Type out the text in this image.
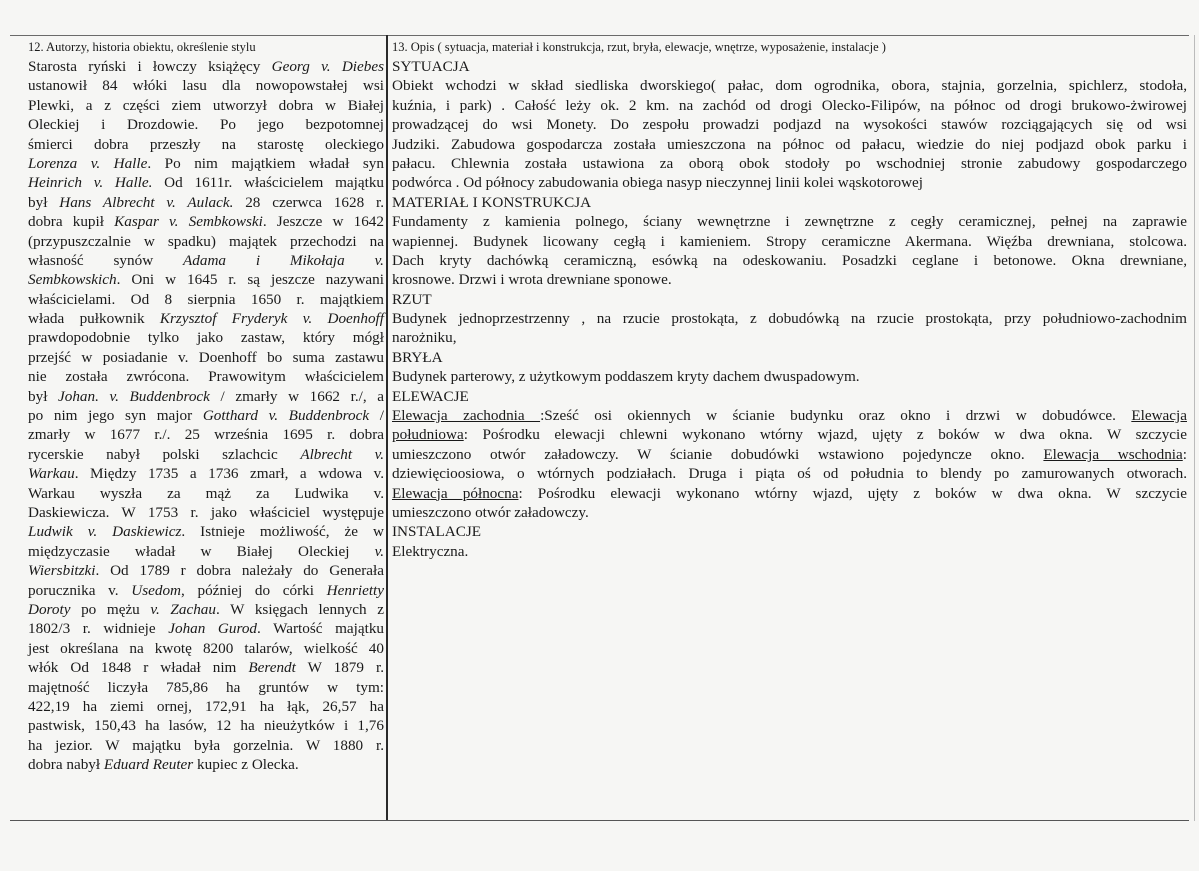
12. Autorzy, historia obiektu, określenie stylu
Starosta ryński i łowczy książęcy Georg v. Diebes
ustanowił 84 włóki lasu dla nowopowstałej wsi
Plewki, a z części ziem utworzył dobra w Białej
Oleckiej i Drozdowie. Po jego bezpotomnej
śmierci dobra przeszły na starostę oleckiego
Lorenza v. Halle. Po nim majątkiem władał syn
Heinrich v. Halle. Od 1611r. właścicielem majątku
był Hans Albrecht v. Aulack. 28 czerwca 1628 r.
dobra kupił Kaspar v. Sembkowski. Jeszcze w 1642
(przypuszczalnie w spadku) majątek przechodzi na
własność synów Adama i Mikołaja v.
Sembkowskich. Oni w 1645 r. są jeszcze nazywani
właścicielami. Od 8 sierpnia 1650 r. majątkiem
włada pułkownik Krzysztof Fryderyk v. Doenhoff
prawdopodobnie tylko jako zastaw, który mógł
przejść w posiadanie v. Doenhoff bo suma zastawu
nie została zwrócona. Prawowitym właścicielem
był Johan. v. Buddenbrock / zmarły w 1662 r./, a
po nim jego syn major Gotthard v. Buddenbrock /
zmarły w 1677 r./. 25 września 1695 r. dobra
rycerskie nabył polski szlachcic Albrecht v.
Warkau. Między 1735 a 1736 zmarł, a wdowa v.
Warkau wyszła za mąż za Ludwika v.
Daskiewicza. W 1753 r. jako właściciel występuje
Ludwik v. Daskiewicz. Istnieje możliwość, że w
międzyczasie władał w Białej Oleckiej v.
Wiersbitzki. Od 1789 r dobra należały do Generała
porucznika v. Usedom, później do córki Henrietty
Doroty po mężu v. Zachau. W księgach lennych z
1802/3 r. widnieje Johan Gurod. Wartość majątku
jest określana na kwotę 8200 talarów, wielkość 40
włók Od 1848 r władał nim Berendt W 1879 r.
majętność liczyła 785,86 ha gruntów w tym:
422,19 ha ziemi ornej, 172,91 ha łąk, 26,57 ha
pastwisk, 150,43 ha lasów, 12 ha nieużytków i 1,76
ha jezior. W majątku była gorzelnia. W 1880 r.
dobra nabył Eduard Reuter kupiec z Olecka.
13. Opis ( sytuacja, materiał i konstrukcja, rzut, bryła, elewacje, wnętrze, wyposażenie, instalacje )
SYTUACJA
Obiekt wchodzi w skład siedliska dworskiego( pałac, dom ogrodnika, obora, stajnia, gorzelnia, spichlerz, stodoła,
kuźnia, i park) . Całość leży ok. 2 km. na zachód od drogi Olecko-Filipów, na północ od drogi brukowo-żwirowej
prowadzącej do wsi Monety. Do zespołu prowadzi podjazd na wysokości stawów rozciągających się od wsi
Judziki. Zabudowa gospodarcza została umieszczona na północ od pałacu, wiedzie do niej podjazd obok parku i
pałacu. Chlewnia została ustawiona za oborą obok stodoły po wschodniej stronie zabudowy gospodarczego
podwórca . Od północy zabudowania obiega nasyp nieczynnej linii kolei wąskotorowej
MATERIAŁ I KONSTRUKCJA
Fundamenty z kamienia polnego, ściany wewnętrzne i zewnętrzne z cegły ceramicznej, pełnej na zaprawie
wapiennej. Budynek licowany cegłą i kamieniem. Stropy ceramiczne Akermana. Więźba drewniana, stolcowa.
Dach kryty dachówką ceramiczną, esówką na odeskowaniu. Posadzki ceglane i betonowe. Okna drewniane,
krosnowe. Drzwi i wrota drewniane sponowe.
RZUT
Budynek jednoprzestrzenny , na rzucie prostokąta, z dobudówką na rzucie prostokąta, przy południowo-zachodnim
narożniku,
BRYŁA
Budynek parterowy, z użytkowym poddaszem kryty dachem dwuspadowym.
ELEWACJE
Elewacja zachodnia :Sześć osi okiennych w ścianie budynku oraz okno i drzwi w dobudówce. Elewacja
południowa: Pośrodku elewacji chlewni wykonano wtórny wjazd, ujęty z boków w dwa okna. W szczycie
umieszczono otwór załadowczy. W ścianie dobudówki wstawiono pojedyncze okno. Elewacja wschodnia:
dziewięcioosiowa, o wtórnych podziałach. Druga i piąta oś od południa to blendy po zamurowanych otworach.
Elewacja północna: Pośrodku elewacji wykonano wtórny wjazd, ujęty z boków w dwa okna. W szczycie
umieszczono otwór załadowczy.
INSTALACJE
Elektryczna.
